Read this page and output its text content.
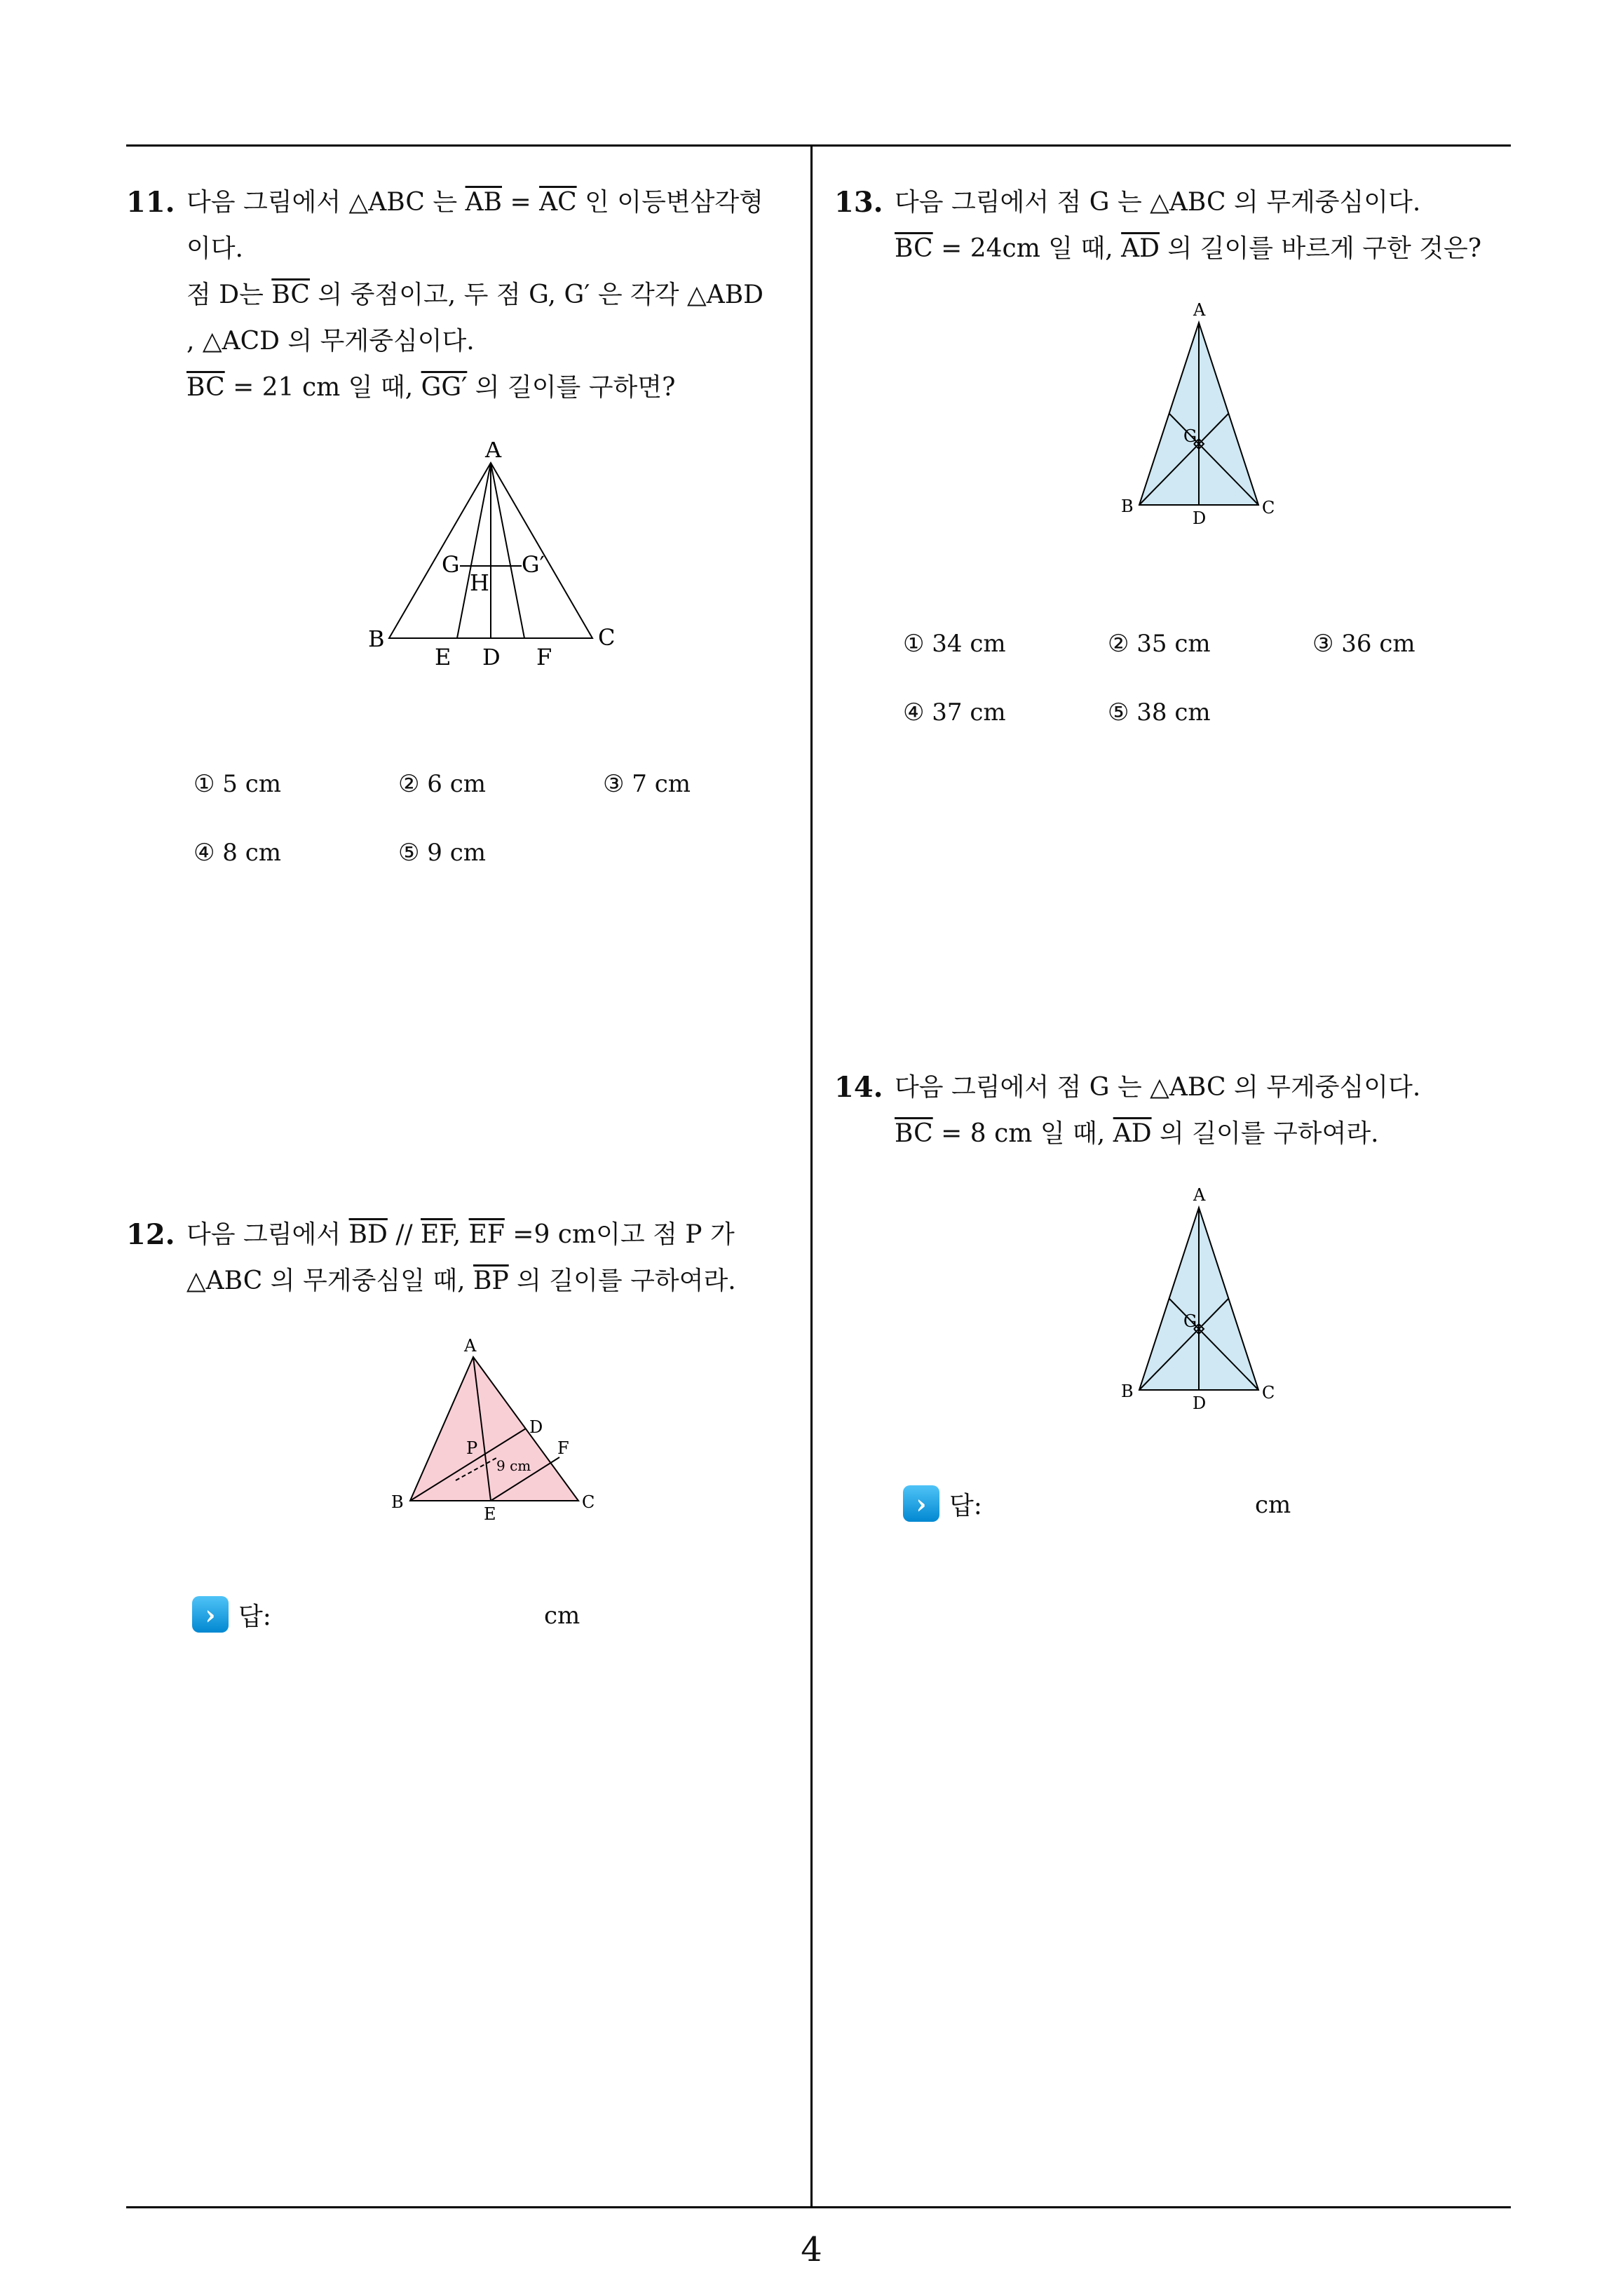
11. 다음 그림에서 △ABC 는 $\overline{AB} = \overline{AC}$ 인 이등변삼각형
이다.
점 D는 $\overline{BC}$ 의 중점이고, 두 점 G, G′ 은 각각 △ABD
, △ACD 의 무게중심이다.
$\overline{BC} = 21$ cm 일 때, GG′ 의 길이를 구하면?
A
B	C
D
E	F
G	G′
H
① 5 cm	② 6 cm	③ 7 cm
④ 8 cm	⑤ 9 cm
12. 다음 그림에서 $\overline{BD} // \overline{EF}$, $\overline{EF} =9$ cm이고 점 P 가
△ABC 의 무게중심일 때, $\overline{BP}$ 의 길이를 구하여라.
A
B	C
D
E
F
P
9 cm
› 답:	cm
13. 다음 그림에서 점 G 는 △ABC 의 무게중심이다.
$\overline{BC} = 24cm$ 일 때, $\overline{AD}$ 의 길이를 바르게 구한 것은?
A
B	C
D
G
① 34 cm	② 35 cm	③ 36 cm
④ 37 cm	⑤ 38 cm
14. 다음 그림에서 점 G 는 △ABC 의 무게중심이다.
$\overline{BC} = 8$ cm 일 때, $\overline{AD}$ 의 길이를 구하여라.
A
B	C
D
G
› 답:	cm
4
